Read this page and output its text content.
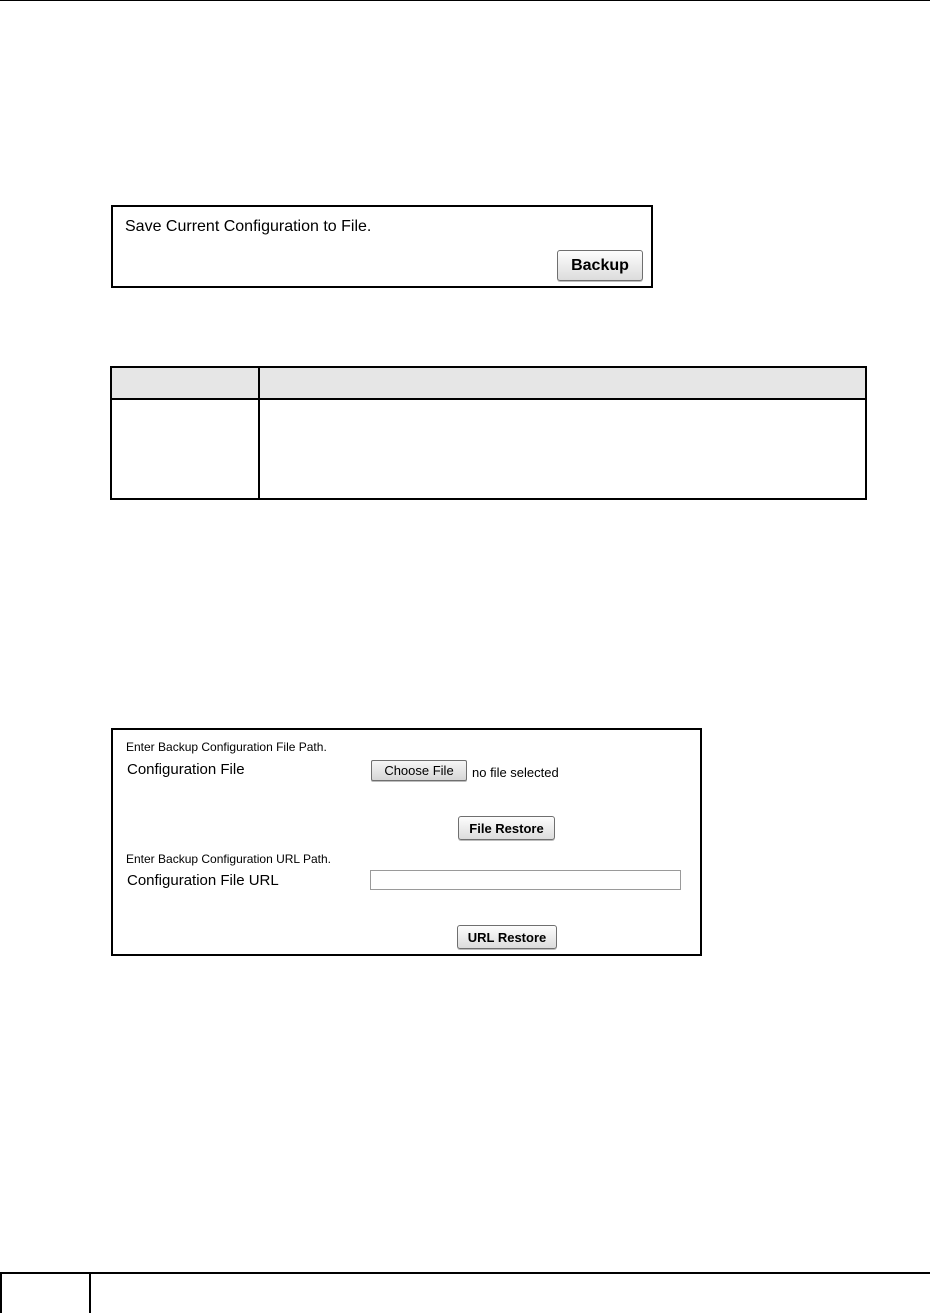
Save Current Configuration to File.
Backup

Enter Backup Configuration File Path.
Configuration File	Choose File	no file selected
File Restore
Enter Backup Configuration URL Path.
Configuration File URL
URL Restore
